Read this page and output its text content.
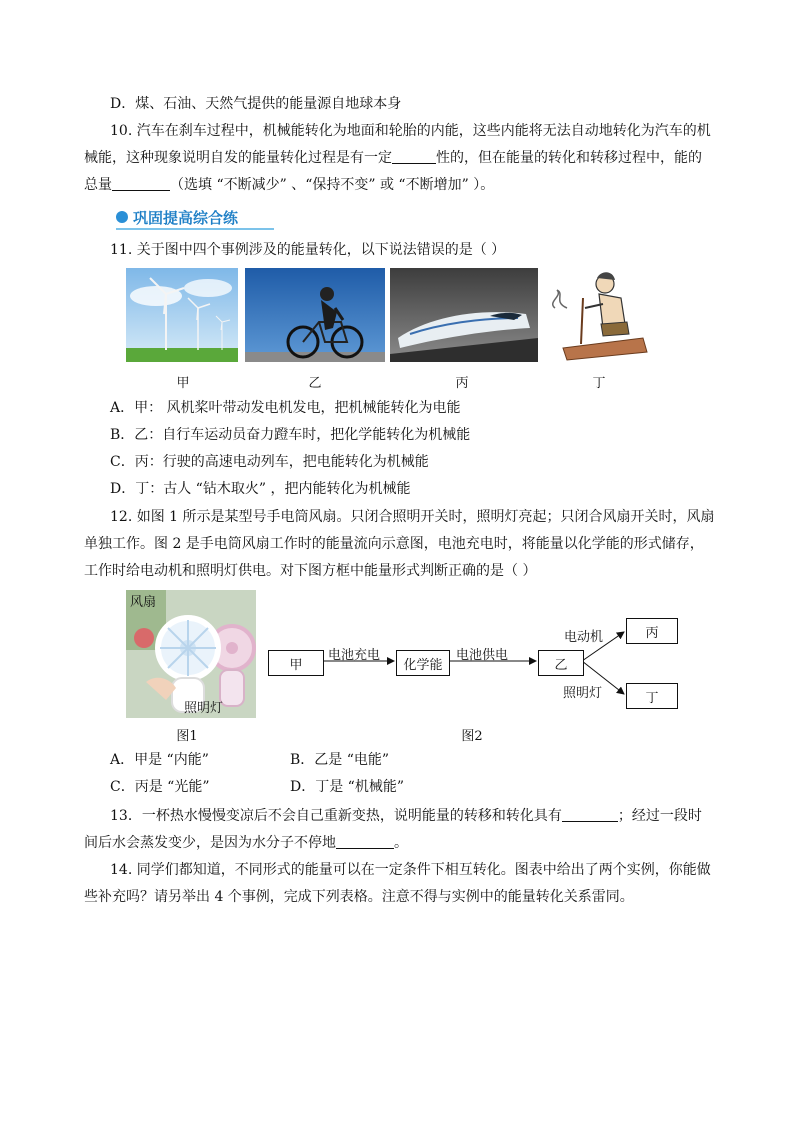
D．煤、石油、天然气提供的能量源自地球本身
10. 汽车在刹车过程中，机械能转化为地面和轮胎的内能，这些内能将无法自动地转化为汽车的机
械能，这种现象说明自发的能量转化过程是有一定	性的，但在能量的转化和转移过程中，能的
总量	（选填 “不断减少” 、“保持不变” 或 “不断增加” ）。
巩固提高综合练
11. 关于图中四个事例涉及的能量转化，以下说法错误的是（ ）
甲	乙	丙	丁
A．甲： 风机桨叶带动发电机发电，把机械能转化为电能
B．乙：自行车运动员奋力蹬车时，把化学能转化为机械能
C．丙：行驶的高速电动列车，把电能转化为机械能
D．丁：古人 “钻木取火” ，把内能转化为机械能
12. 如图 1 所示是某型号手电筒风扇。只闭合照明开关时，照明灯亮起；只闭合风扇开关时，风扇
单独工作。图 2 是手电筒风扇工作时的能量流向示意图，电池充电时，将能量以化学能的形式储存，
工作时给电动机和照明灯供电。对下图方框中能量形式判断正确的是（ ）
风扇
照明灯
图1
甲	化学能	乙
丙
丁
电池充电	电池供电
电动机
照明灯
图2
A．甲是 “内能”	B．乙是 “电能”
C．丙是 “光能”	D．丁是 “机械能”
13．一杯热水慢慢变凉后不会自己重新变热，说明能量的转移和转化具有	；经过一段时
间后水会蒸发变少，是因为水分子不停地	。
14. 同学们都知道，不同形式的能量可以在一定条件下相互转化。图表中给出了两个实例，你能做
些补充吗？请另举出 4 个事例，完成下列表格。注意不得与实例中的能量转化关系雷同。
